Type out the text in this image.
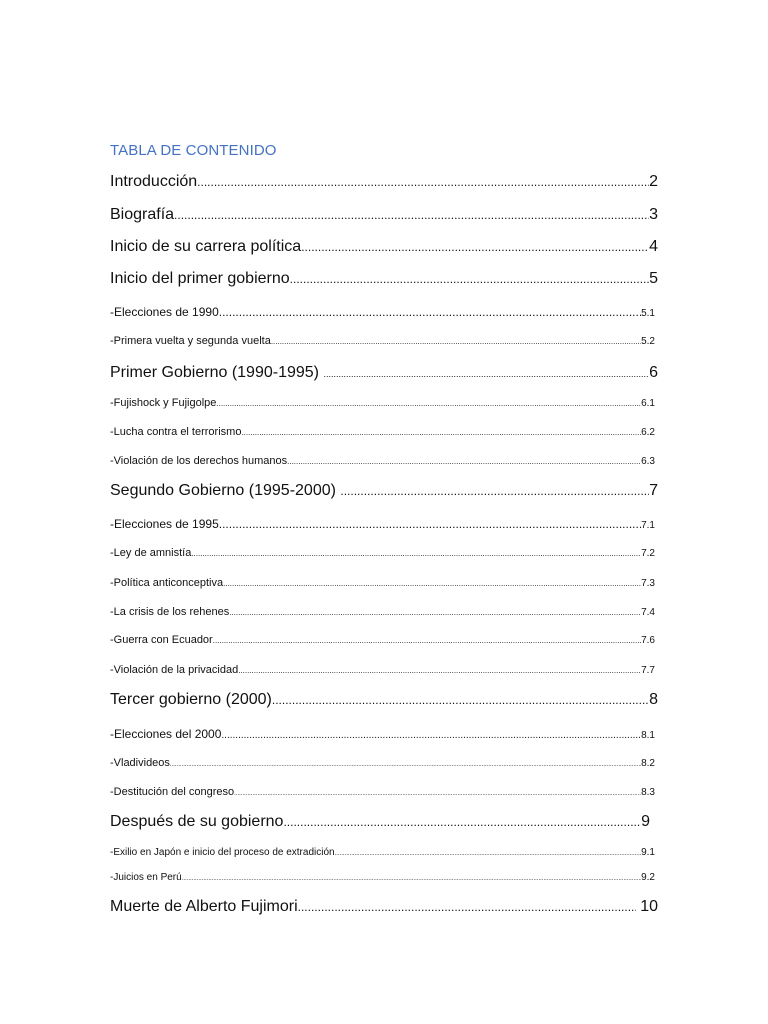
TABLA DE CONTENIDO
Introducción .....	2
Biografía .....	3
Inicio de su carrera política .....	4
Inicio del primer gobierno .....	5
-Elecciones de 1990 .....	5.1
-Primera vuelta y segunda vuelta .....	5.2
Primer Gobierno (1990-1995) .....	6
-Fujishock y Fujigolpe .....	6.1
-Lucha contra el terrorismo .....	6.2
-Violación de los derechos humanos .....	6.3
Segundo Gobierno (1995-2000) .....	7
-Elecciones de 1995 .....	7.1
-Ley de amnistía .....	7.2
-Política anticonceptiva .....	7.3
-La crisis de los rehenes .....	7.4
-Guerra con Ecuador .....	7.6
-Violación de la privacidad .....	7.7
Tercer gobierno (2000) .....	8
-Elecciones del 2000 .....	8.1
-Vladivideos .....	8.2
-Destitución del congreso .....	8.3
Después de su gobierno .....	9
-Exilio en Japón e inicio del proceso de extradición .....	9.1
-Juicios en Perú .....	9.2
Muerte de Alberto Fujimori .....	10
